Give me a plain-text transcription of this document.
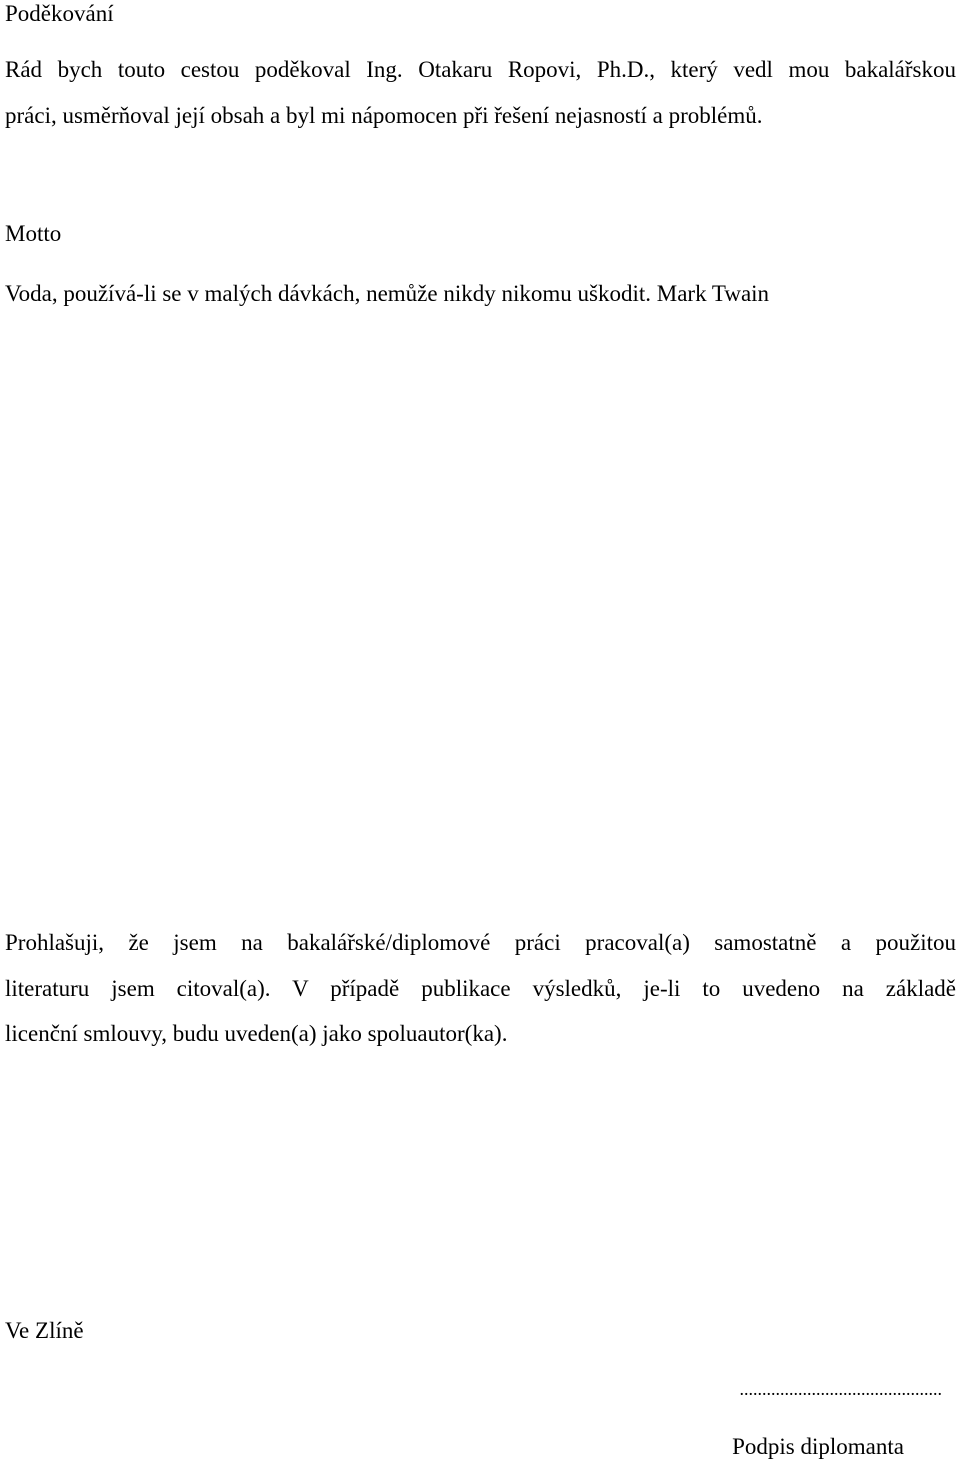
Poděkování
Rád bych touto cestou poděkoval Ing. Otakaru Ropovi, Ph.D., který vedl mou bakalářskou
práci, usměrňoval její obsah a byl mi nápomocen při řešení nejasností a problémů.
Motto
Voda, používá-li se v malých dávkách, nemůže nikdy nikomu uškodit. Mark Twain
Prohlašuji, že jsem na bakalářské/diplomové práci pracoval(a) samostatně a použitou
literaturu jsem citoval(a). V případě publikace výsledků, je-li to uvedeno na základě
licenční smlouvy, budu uveden(a) jako spoluautor(ka).
Ve Zlíně
.............................................
Podpis diplomanta
